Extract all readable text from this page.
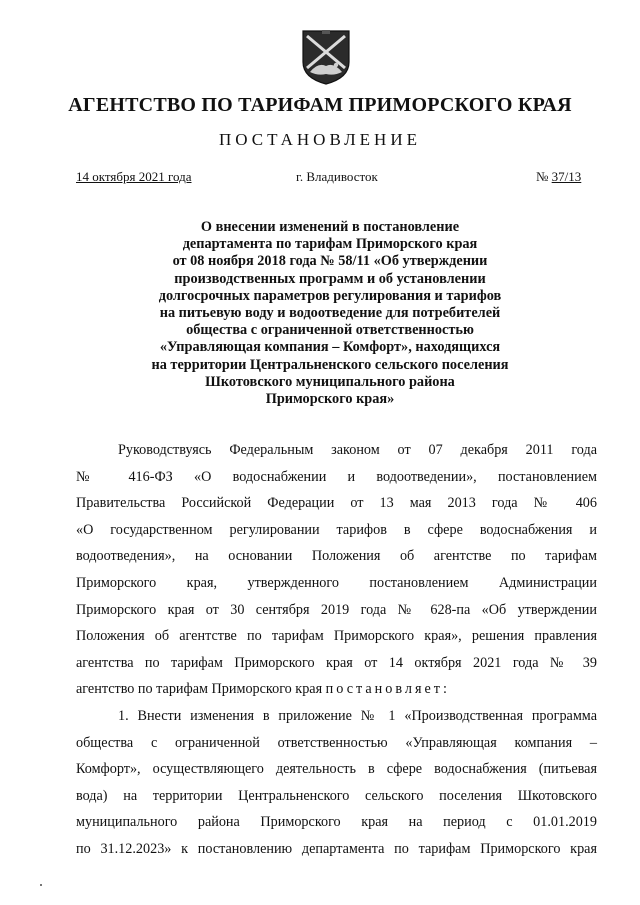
АГЕНТСТВО ПО ТАРИФАМ ПРИМОРСКОГО КРАЯ
ПОСТАНОВЛЕНИЕ
14 октября 2021 года	г. Владивосток	№ 37/13
О внесении изменений в постановление
департамента по тарифам Приморского края
от 08 ноября 2018 года № 58/11 «Об утверждении
производственных программ и об установлении
долгосрочных параметров регулирования и тарифов
на питьевую воду и водоотведение для потребителей
общества с ограниченной ответственностью
«Управляющая компания – Комфорт», находящихся
на территории Центральненского сельского поселения
Шкотовского муниципального района
Приморского края»
Руководствуясь Федеральным законом от 07 декабря 2011 года
№ 416-ФЗ «О водоснабжении и водоотведении», постановлением
Правительства Российской Федерации от 13 мая 2013 года № 406
«О государственном регулировании тарифов в сфере водоснабжения и
водоотведения», на основании Положения об агентстве по тарифам
Приморского края, утвержденного постановлением Администрации
Приморского края от 30 сентября 2019 года № 628-па «Об утверждении
Положения об агентстве по тарифам Приморского края», решения правления
агентства по тарифам Приморского края от 14 октября 2021 года № 39
агентство по тарифам Приморского края постановляет:
1. Внести изменения в приложение № 1 «Производственная программа
общества с ограниченной ответственностью «Управляющая компания –
Комфорт», осуществляющего деятельность в сфере водоснабжения (питьевая
вода) на территории Центральненского сельского поселения Шкотовского
муниципального района Приморского края на период с 01.01.2019
по 31.12.2023» к постановлению департамента по тарифам Приморского края
